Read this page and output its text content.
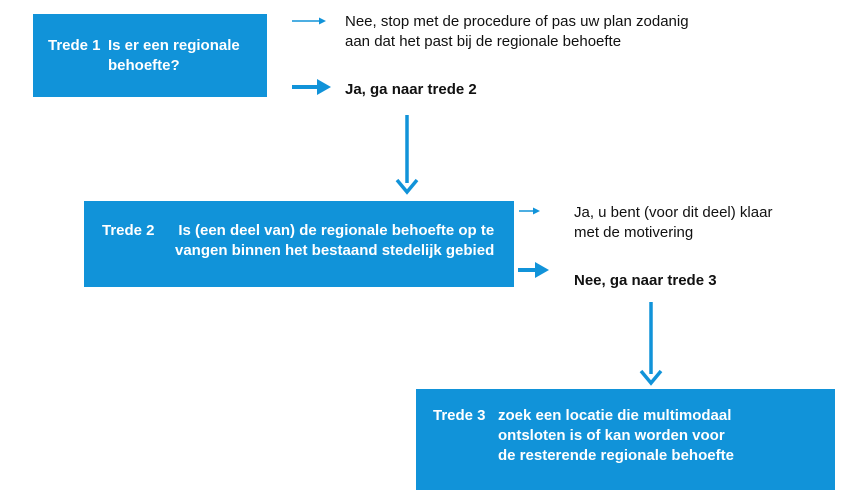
Trede 1 Is er een regionale
behoefte?
Nee, stop met de procedure of pas uw plan zodanig
aan dat het past bij de regionale behoefte
Ja, ga naar trede 2
Trede 2 Is (een deel van) de regionale behoefte op te
vangen binnen het bestaand stedelijk gebied
Ja, u bent (voor dit deel) klaar
met de motivering
Nee, ga naar trede 3
Trede 3 zoek een locatie die multimodaal
ontsloten is of kan worden voor
de resterende regionale behoefte
